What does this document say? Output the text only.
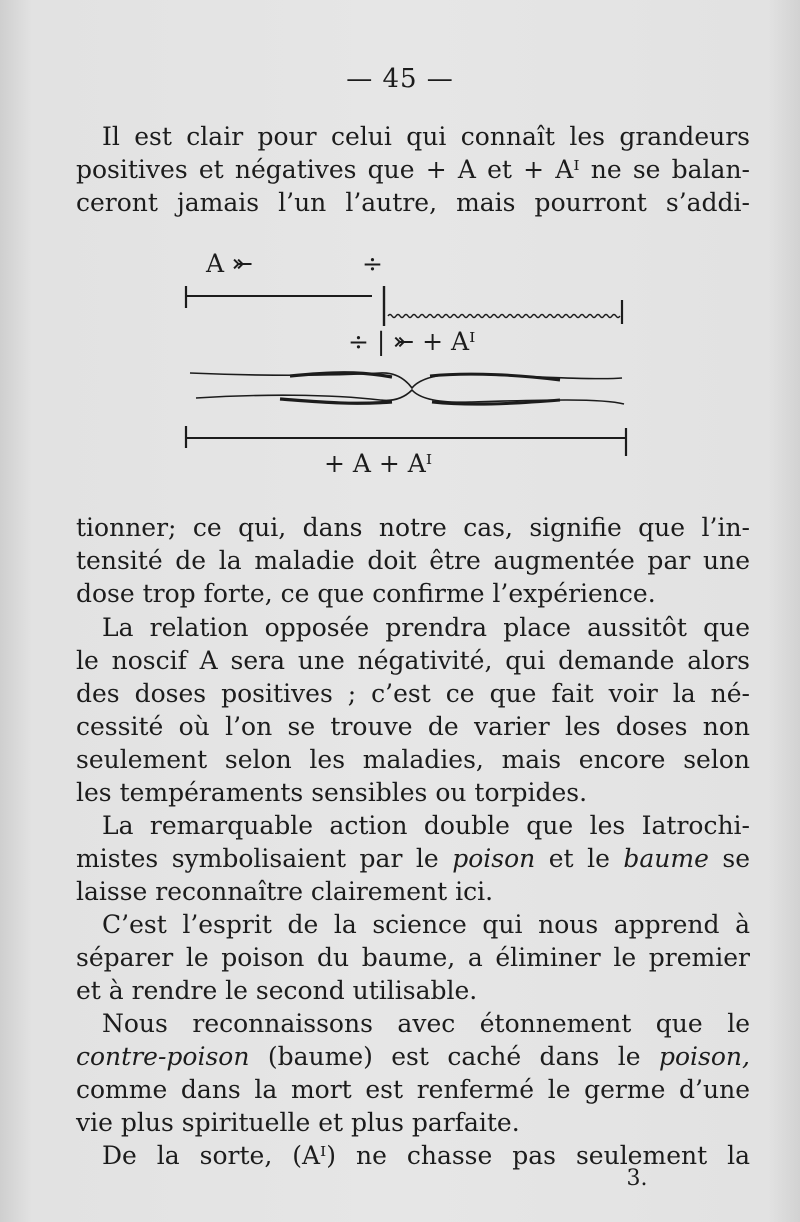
— 45 —
Il est clair pour celui qui connaît les grandeurs
positives et négatives que + A et + Aᴵ ne se balan-
ceront jamais l’un l’autre, mais pourront s’addi-
A ⤜	÷
÷ | ⤜ + Aᴵ
+ A + Aᴵ
tionner; ce qui, dans notre cas, signifie que l’in-
tensité de la maladie doit être augmentée par une
dose trop forte, ce que confirme l’expérience.
La relation opposée prendra place aussitôt que
le noscif A sera une négativité, qui demande alors
des doses positives ; c’est ce que fait voir la né-
cessité où l’on se trouve de varier les doses non
seulement selon les maladies, mais encore selon
les tempéraments sensibles ou torpides.
La remarquable action double que les Iatrochi-
mistes symbolisaient par le poison et le baume se
laisse reconnaître clairement ici.
C’est l’esprit de la science qui nous apprend à
séparer le poison du baume, a éliminer le premier
et à rendre le second utilisable.
Nous reconnaissons avec étonnement que le
contre-poison (baume) est caché dans le poison,
comme dans la mort est renfermé le germe d’une
vie plus spirituelle et plus parfaite.
De la sorte, (Aᴵ) ne chasse pas seulement la
3.
